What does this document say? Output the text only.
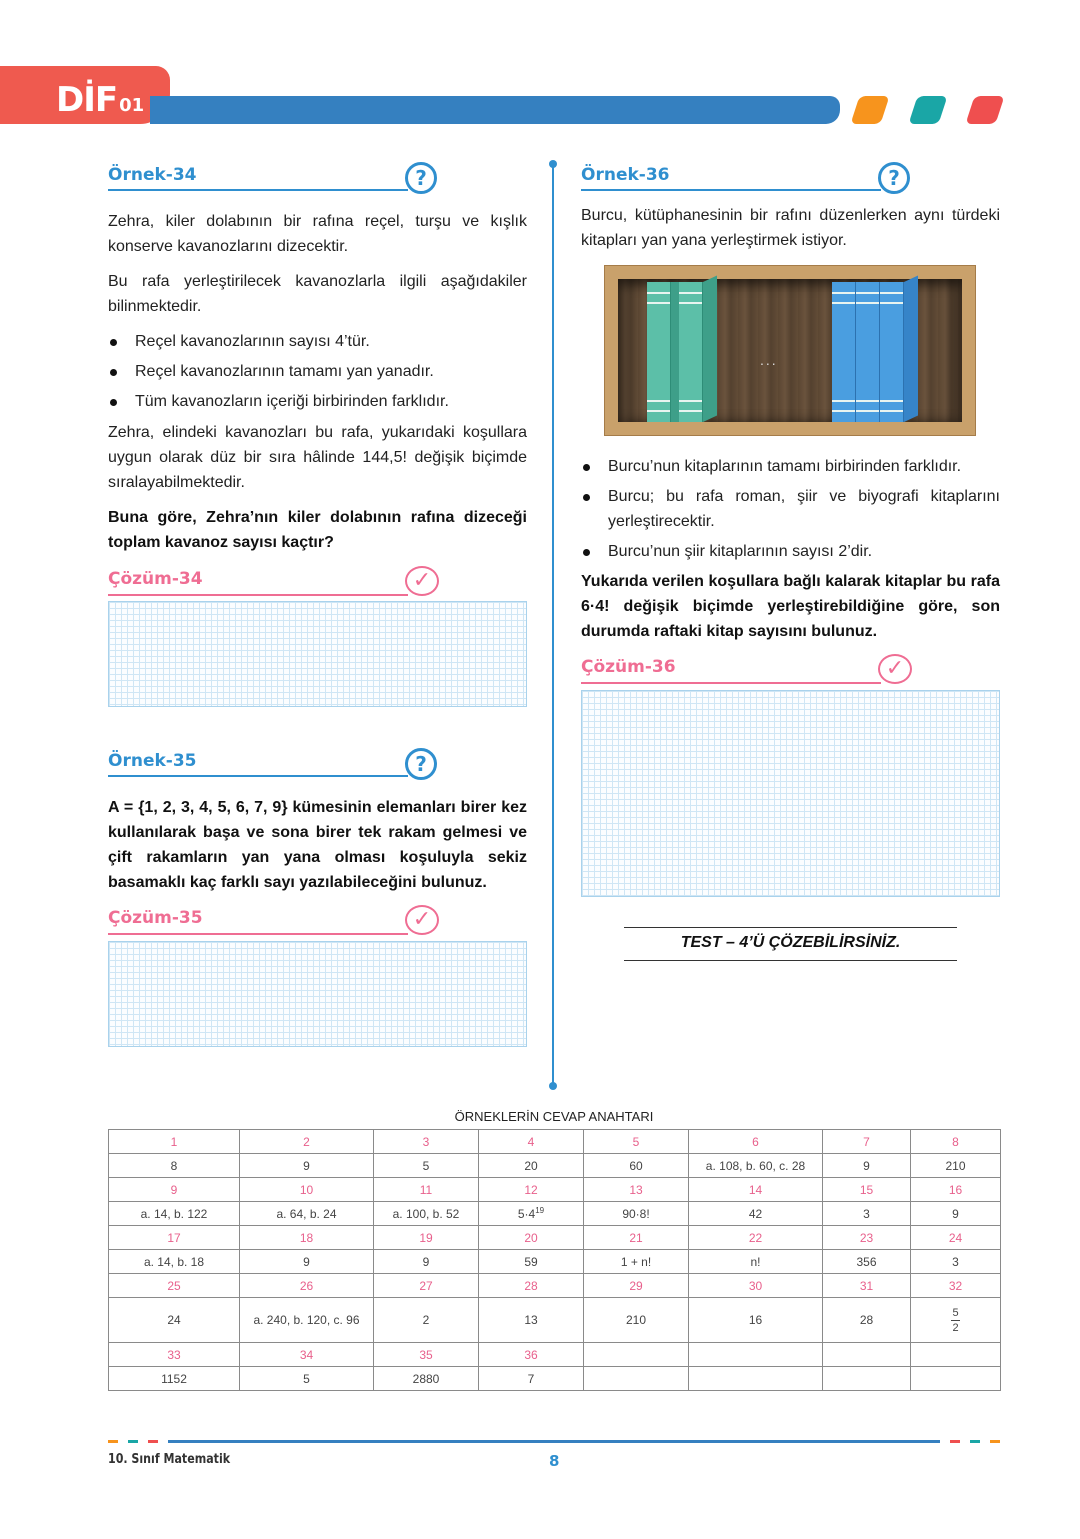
DİF 01
Örnek-34	?
Zehra, kiler dolabının bir rafına reçel, turşu ve kışlık konserve kavanozlarını dizecektir.
Bu rafa yerleştirilecek kavanozlarla ilgili aşağıdakiler bilinmektedir.
Reçel kavanozlarının sayısı 4’tür.
Reçel kavanozlarının tamamı yan yanadır.
Tüm kavanozların içeriği birbirinden farklıdır.
Zehra, elindeki kavanozları bu rafa, yukarıdaki koşullara uygun olarak düz bir sıra hâlinde 144,5! değişik biçimde sıralayabilmektedir.
Buna göre, Zehra’nın kiler dolabının rafına dizeceği toplam kavanoz sayısı kaçtır?
Çözüm-34	✓
Örnek-35	?
A = {1, 2, 3, 4, 5, 6, 7, 9} kümesinin elemanları birer kez kullanılarak başa ve sona birer tek rakam gelmesi ve çift rakamların yan yana olması koşuluyla sekiz basamaklı kaç farklı sayı yazılabileceğini bulunuz.
Çözüm-35	✓
Örnek-36	?
Burcu, kütüphanesinin bir rafını düzenlerken aynı türdeki kitapları yan yana yerleştirmek istiyor.
...
Burcu’nun kitaplarının tamamı birbirinden farklıdır.
Burcu; bu rafa roman, şiir ve biyografi kitaplarını yerleştirecektir.
Burcu’nun şiir kitaplarının sayısı 2’dir.
Yukarıda verilen koşullara bağlı kalarak kitaplar bu rafa 6·4! değişik biçimde yerleştirebildiğine göre, son durumda raftaki kitap sayısını bulunuz.
Çözüm-36	✓
TEST – 4’Ü ÇÖZEBİLİRSİNİZ.
ÖRNEKLERİN CEVAP ANAHTARI
1	2	3	4	5	6	7	8
8	9	5	20	60	a. 108, b. 60, c. 28	9	210
9	10	11	12	13	14	15	16
a. 14, b. 122	a. 64, b. 24	a. 100, b. 52	$5\cdot 4^{19}$	90·8!	42	3	9
17	18	19	20	21	22	23	24
a. 14, b. 18	9	9	59	1 + n!	n!	356	3
25	26	27	28	29	30	31	32
24	a. 240, b. 120, c. 96	2	13	210	16	28	$\frac{5}{2}$

33	34	35	36				
1152	5	2880	7				
10. Sınıf Matematik	8
